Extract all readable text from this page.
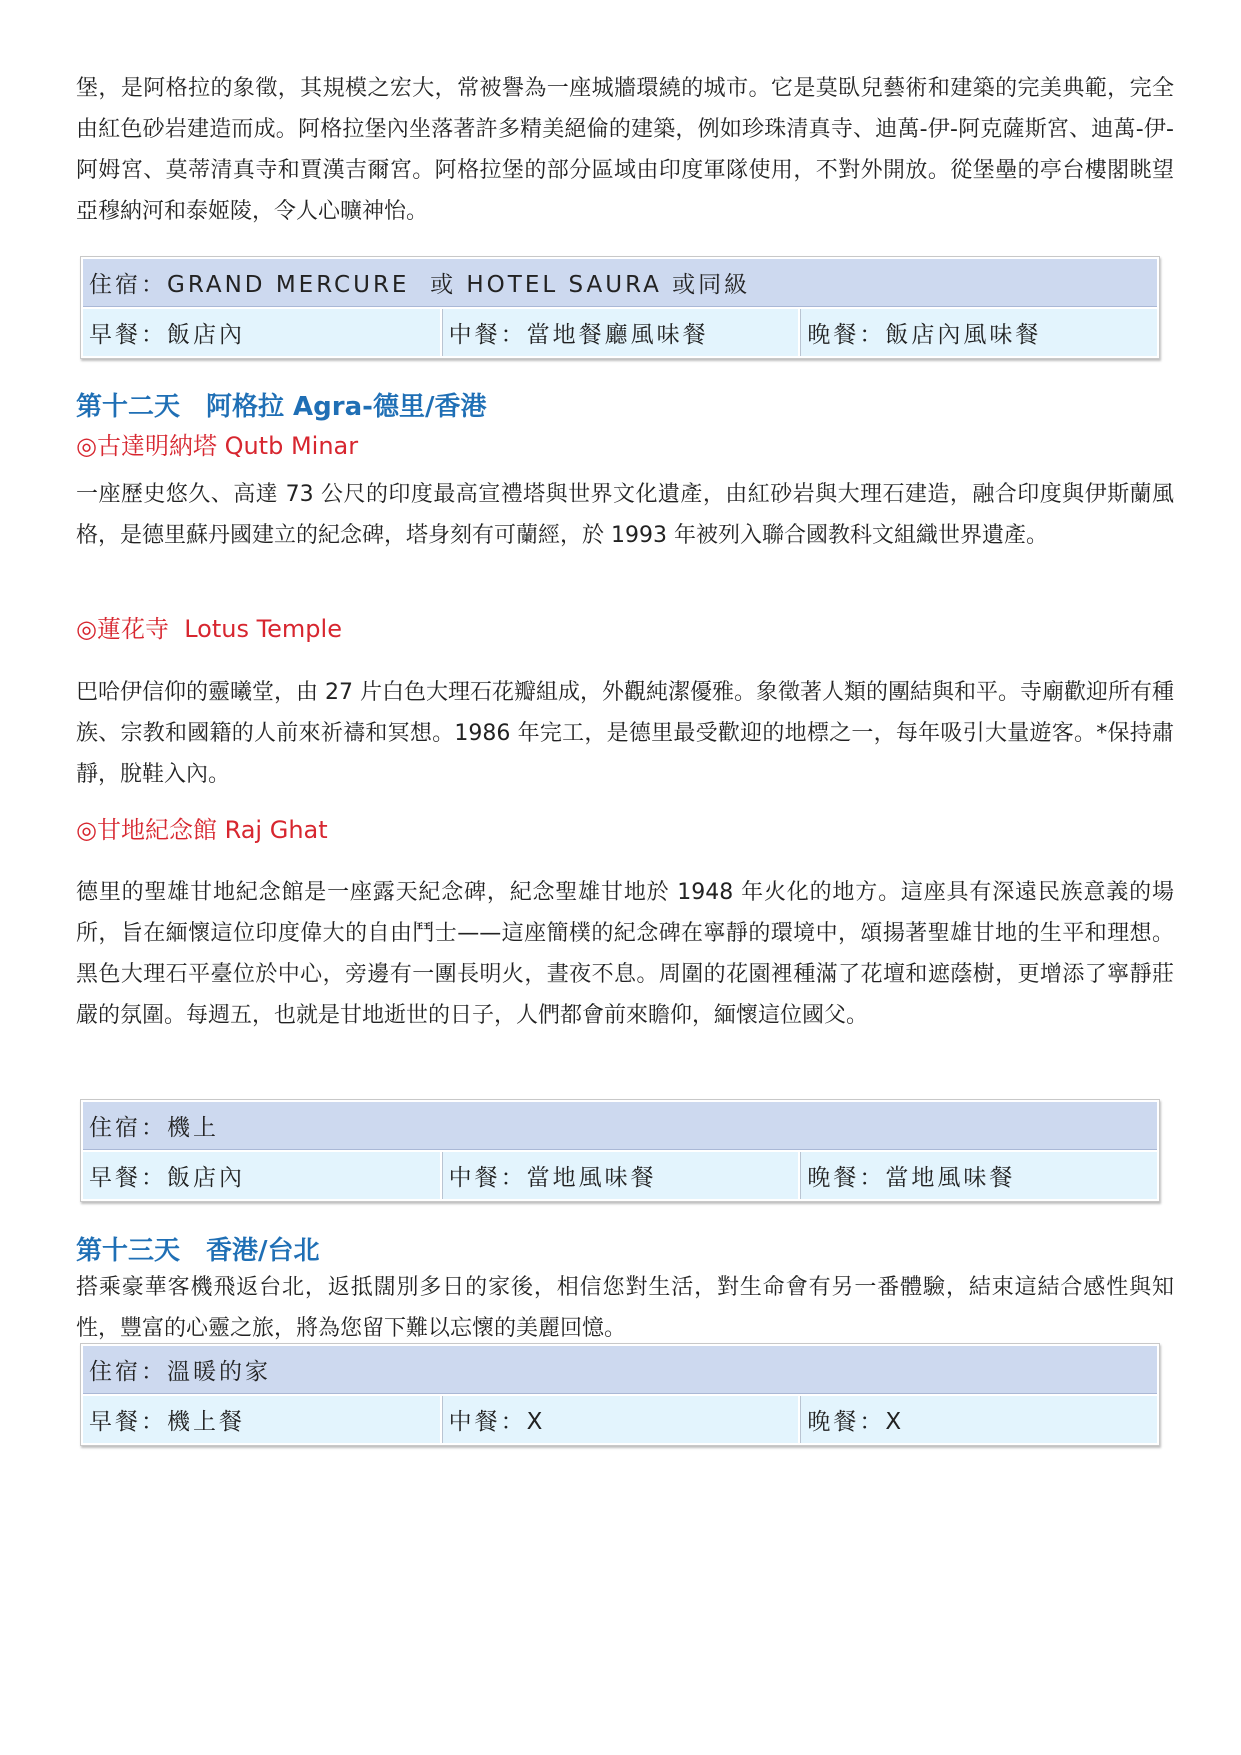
堡，是阿格拉的象徵，其規模之宏大，常被譽為一座城牆環繞的城市。它是莫臥兒藝術和建築的完美典範，完全由紅色砂岩建造而成。阿格拉堡內坐落著許多精美絕倫的建築，例如珍珠清真寺、迪萬-伊-阿克薩斯宮、迪萬-伊-阿姆宮、莫蒂清真寺和賈漢吉爾宮。阿格拉堡的部分區域由印度軍隊使用，不對外開放。從堡壘的亭台樓閣眺望亞穆納河和泰姬陵，令人心曠神怡。

住宿：GRAND MERCURE  或 HOTEL SAURA 或同級
早餐：飯店內	中餐：當地餐廳風味餐	晚餐：飯店內風味餐
第十二天　阿格拉 Agra-德里/香港
◎古達明納塔 Qutb Minar

一座歷史悠久、高達 73 公尺的印度最高宣禮塔與世界文化遺產，由紅砂岩與大理石建造，融合印度與伊斯蘭風格，是德里蘇丹國建立的紀念碑，塔身刻有可蘭經，於 1993 年被列入聯合國教科文組織世界遺產。

◎蓮花寺  Lotus Temple

巴哈伊信仰的靈曦堂，由 27 片白色大理石花瓣組成，外觀純潔優雅。象徵著人類的團結與和平。寺廟歡迎所有種族、宗教和國籍的人前來祈禱和冥想。1986 年完工，是德里最受歡迎的地標之一，每年吸引大量遊客。*保持肅靜，脫鞋入內。

◎甘地紀念館 Raj Ghat

德里的聖雄甘地紀念館是一座露天紀念碑，紀念聖雄甘地於 1948 年火化的地方。這座具有深遠民族意義的場所，旨在緬懷這位印度偉大的自由鬥士——這座簡樸的紀念碑在寧靜的環境中，頌揚著聖雄甘地的生平和理想。黑色大理石平臺位於中心，旁邊有一團長明火，晝夜不息。周圍的花園裡種滿了花壇和遮蔭樹，更增添了寧靜莊嚴的氛圍。每週五，也就是甘地逝世的日子，人們都會前來瞻仰，緬懷這位國父。

住宿：機上
早餐：飯店內	中餐：當地風味餐	晚餐：當地風味餐
第十三天　香港/台北

搭乘豪華客機飛返台北，返抵闊別多日的家後，相信您對生活，對生命會有另一番體驗，結束這結合感性與知性，豐富的心靈之旅，將為您留下難以忘懷的美麗回憶。

住宿：溫暖的家
早餐：機上餐	中餐：X	晚餐：X
